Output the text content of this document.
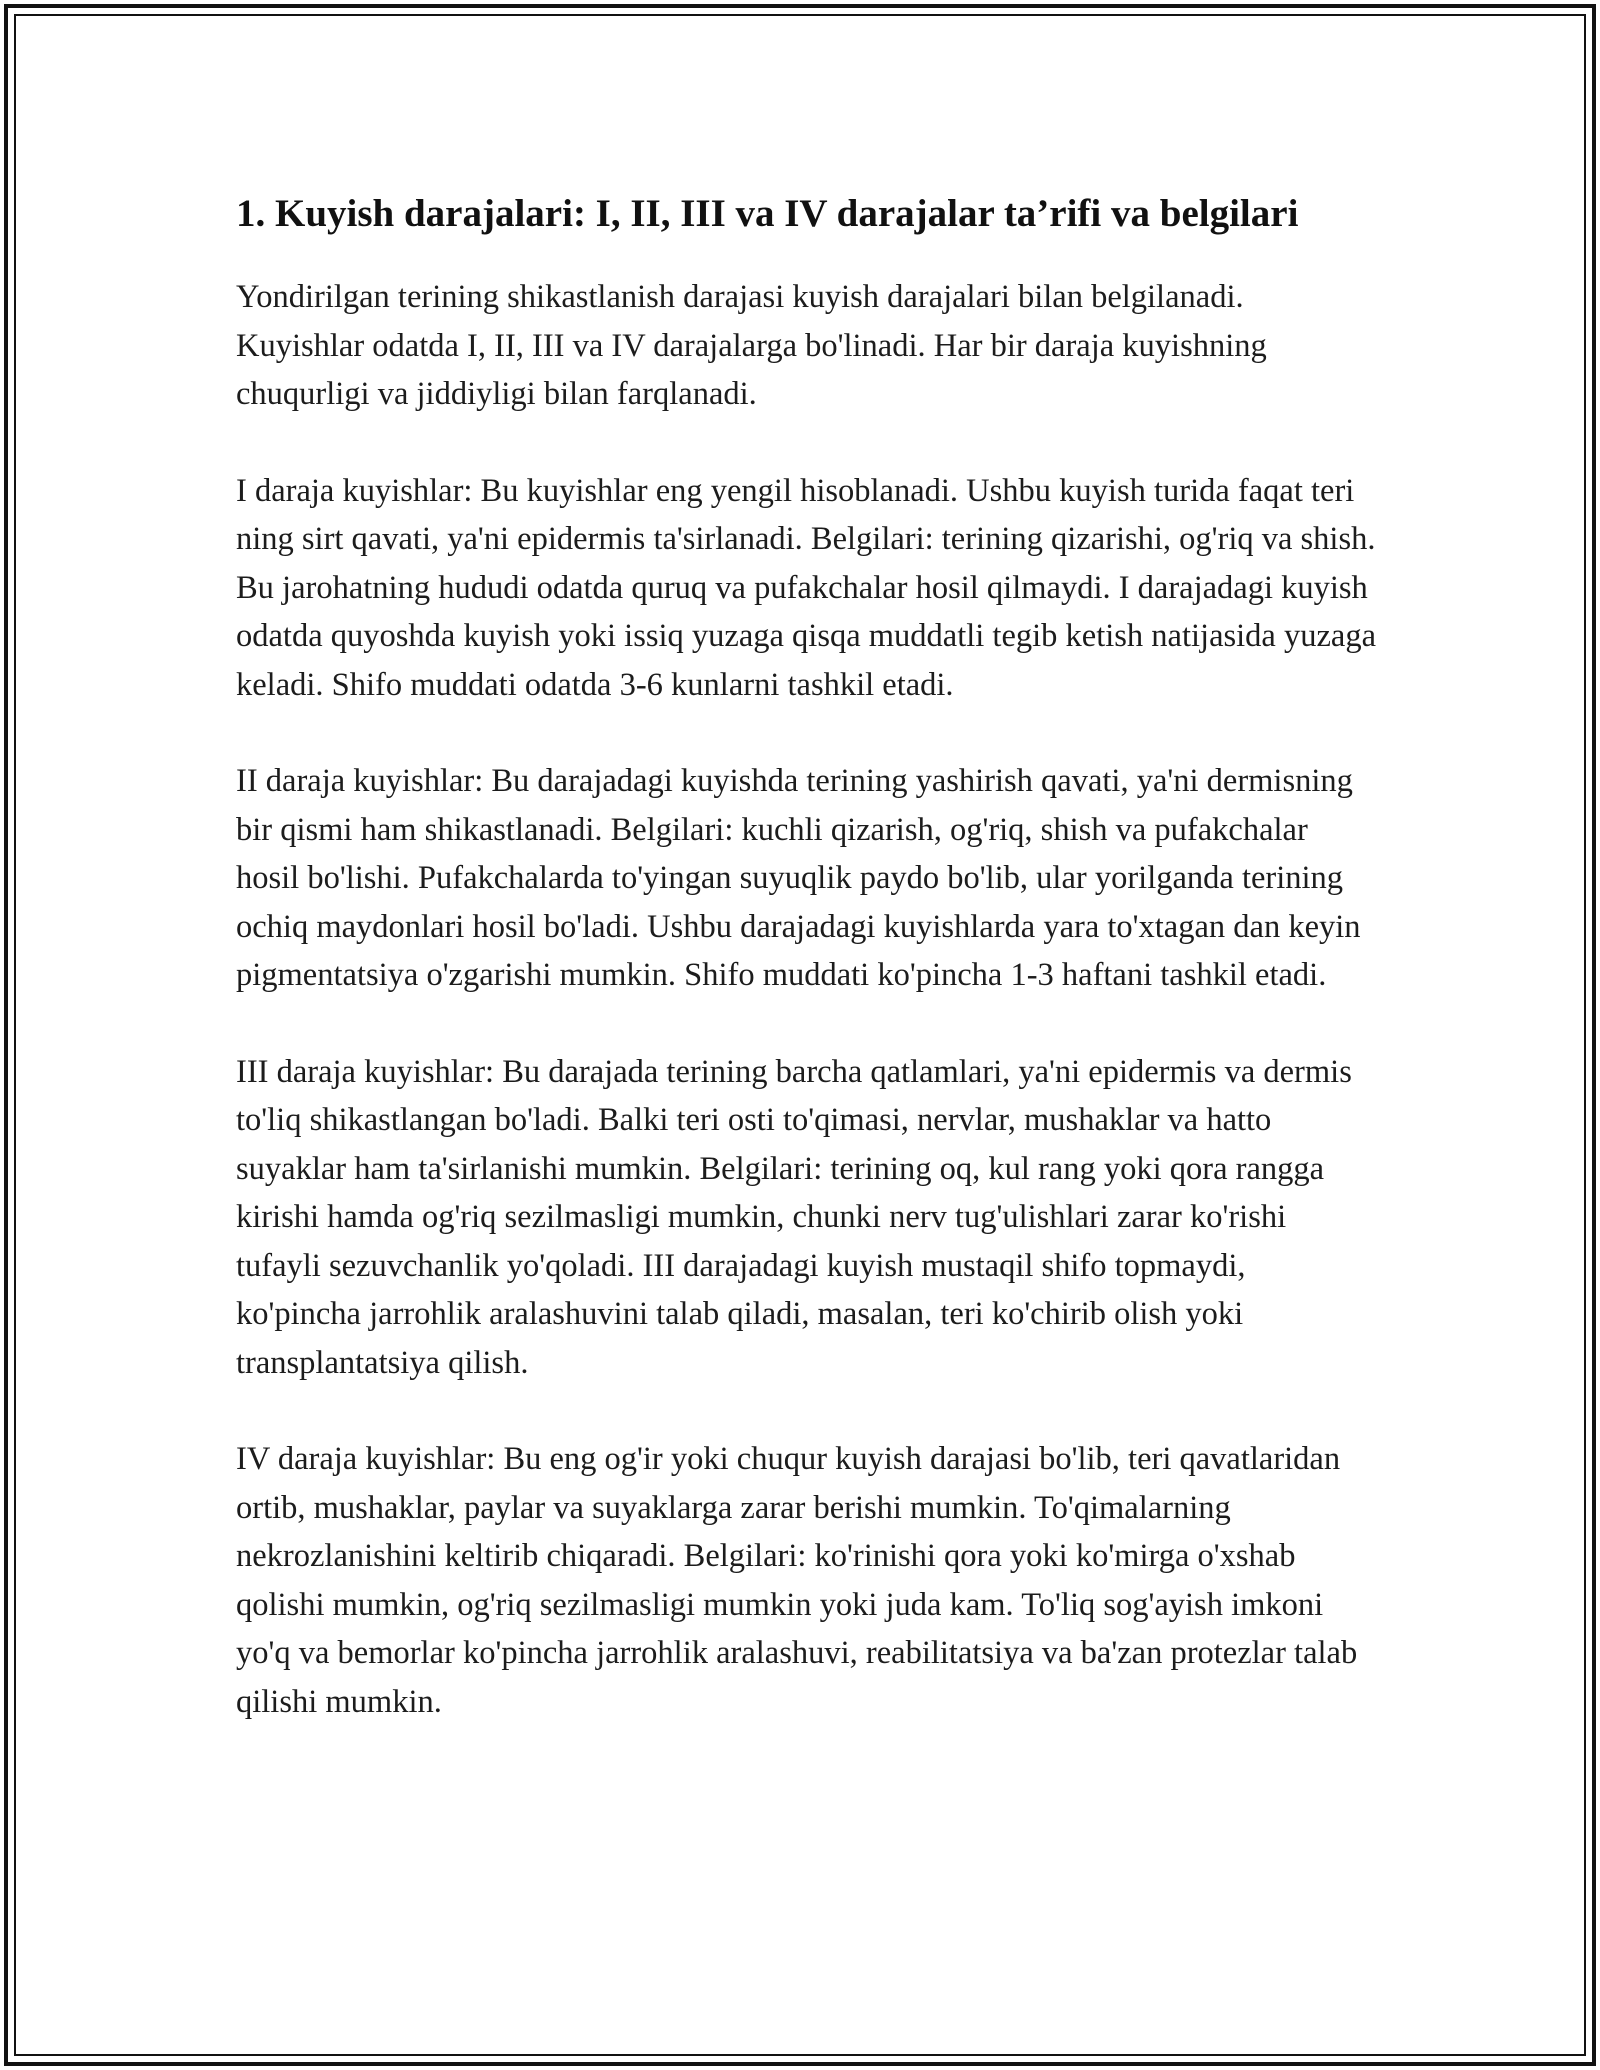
1. Kuyish darajalari: I, II, III va IV darajalar ta’rifi va belgilari

Yondirilgan terining shikastlanish darajasi kuyish darajalari bilan belgilanadi. Kuyishlar odatda I, II, III va IV darajalarga bo'linadi. Har bir daraja kuyishning chuqurligi va jiddiyligi bilan farqlanadi.

I daraja kuyishlar: Bu kuyishlar eng yengil hisoblanadi. Ushbu kuyish turida faqat teri ning sirt qavati, ya'ni epidermis ta'sirlanadi. Belgilari: terining qizarishi, og'riq va shish. Bu jarohatning hududi odatda quruq va pufakchalar hosil qilmaydi. I darajadagi kuyish odatda quyoshda kuyish yoki issiq yuzaga qisqa muddatli tegib ketish natijasida yuzaga keladi. Shifo muddati odatda 3-6 kunlarni tashkil etadi.

II daraja kuyishlar: Bu darajadagi kuyishda terining yashirish qavati, ya'ni dermisning bir qismi ham shikastlanadi. Belgilari: kuchli qizarish, og'riq, shish va pufakchalar hosil bo'lishi. Pufakchalarda to'yingan suyuqlik paydo bo'lib, ular yorilganda terining ochiq maydonlari hosil bo'ladi. Ushbu darajadagi kuyishlarda yara to'xtagan dan keyin pigmentatsiya o'zgarishi mumkin. Shifo muddati ko'pincha 1-3 haftani tashkil etadi.

III daraja kuyishlar: Bu darajada terining barcha qatlamlari, ya'ni epidermis va dermis to'liq shikastlangan bo'ladi. Balki teri osti to'qimasi, nervlar, mushaklar va hatto suyaklar ham ta'sirlanishi mumkin. Belgilari: terining oq, kul rang yoki qora rangga kirishi hamda og'riq sezilmasligi mumkin, chunki nerv tug'ulishlari zarar ko'rishi tufayli sezuvchanlik yo'qoladi. III darajadagi kuyish mustaqil shifo topmaydi, ko'pincha jarrohlik aralashuvini talab qiladi, masalan, teri ko'chirib olish yoki transplantatsiya qilish.

IV daraja kuyishlar: Bu eng og'ir yoki chuqur kuyish darajasi bo'lib, teri qavatlaridan ortib, mushaklar, paylar va suyaklarga zarar berishi mumkin. To'qimalarning nekrozlanishini keltirib chiqaradi. Belgilari: ko'rinishi qora yoki ko'mirga o'xshab qolishi mumkin, og'riq sezilmasligi mumkin yoki juda kam. To'liq sog'ayish imkoni yo'q va bemorlar ko'pincha jarrohlik aralashuvi, reabilitatsiya va ba'zan protezlar talab qilishi mumkin.
